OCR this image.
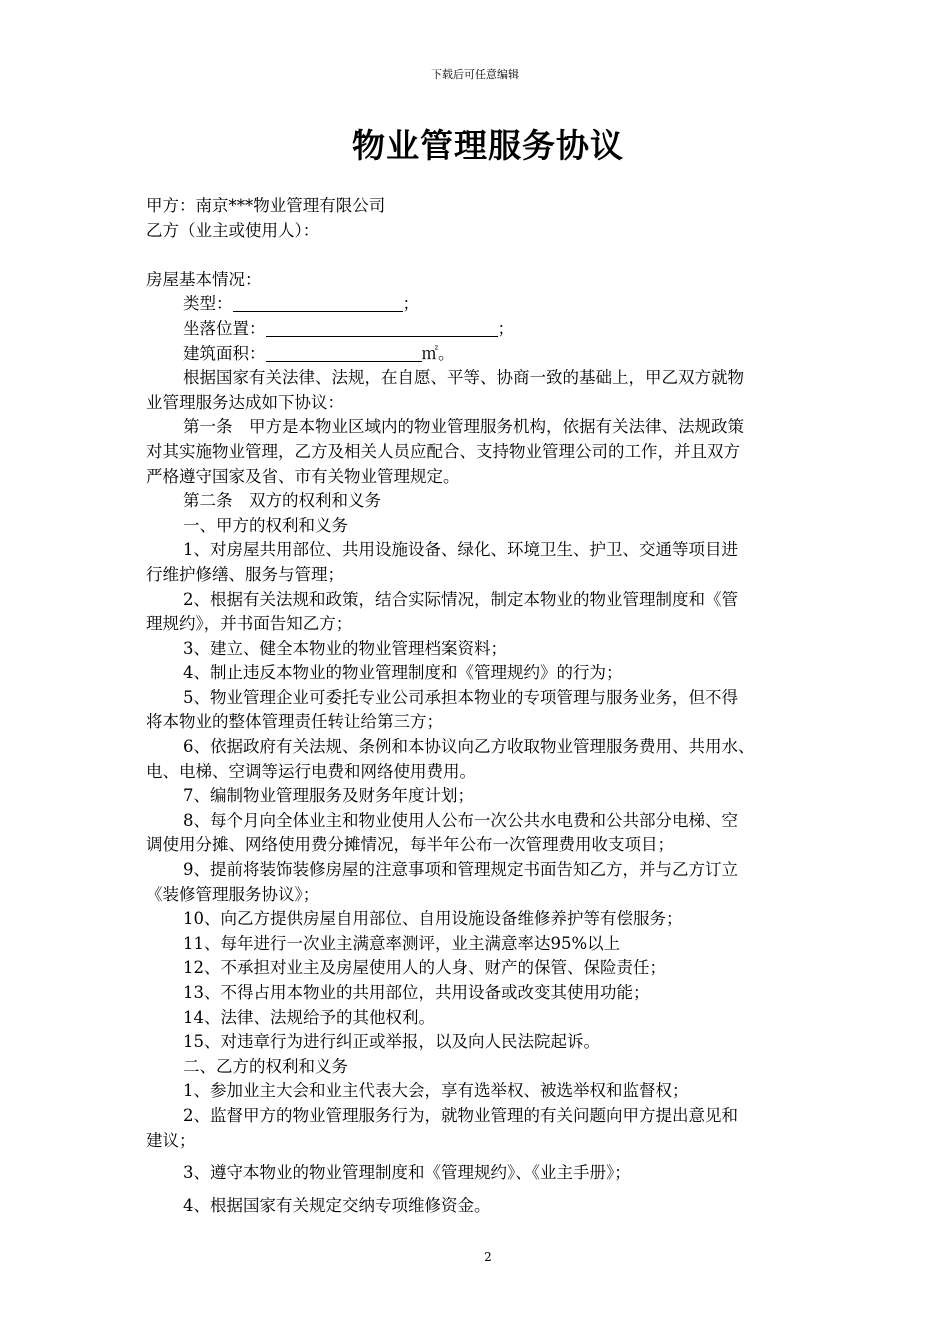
下载后可任意编辑
物业管理服务协议

甲方：南京***物业管理有限公司

乙方（业主或使用人）：

房屋基本情况：

类型：	；

坐落位置：	；

建筑面积：	㎡。

根据国家有关法律、法规，在自愿、平等、协商一致的基础上，甲乙双方就物

业管理服务达成如下协议：

第一条　甲方是本物业区域内的物业管理服务机构，依据有关法律、法规政策

对其实施物业管理，乙方及相关人员应配合、支持物业管理公司的工作，并且双方

严格遵守国家及省、市有关物业管理规定。

第二条　双方的权利和义务

一、甲方的权利和义务

1、对房屋共用部位、共用设施设备、绿化、环境卫生、护卫、交通等项目进

行维护修缮、服务与管理；

2、根据有关法规和政策，结合实际情况，制定本物业的物业管理制度和《管

理规约》，并书面告知乙方；

3、建立、健全本物业的物业管理档案资料；

4、制止违反本物业的物业管理制度和《管理规约》的行为；

5、物业管理企业可委托专业公司承担本物业的专项管理与服务业务，但不得

将本物业的整体管理责任转让给第三方；

6、依据政府有关法规、条例和本协议向乙方收取物业管理服务费用、共用水、

电、电梯、空调等运行电费和网络使用费用。

7、编制物业管理服务及财务年度计划；

8、每个月向全体业主和物业使用人公布一次公共水电费和公共部分电梯、空

调使用分摊、网络使用费分摊情况，每半年公布一次管理费用收支项目；

9、提前将装饰装修房屋的注意事项和管理规定书面告知乙方，并与乙方订立

《装修管理服务协议》；

10、向乙方提供房屋自用部位、自用设施设备维修养护等有偿服务；

11、每年进行一次业主满意率测评，业主满意率达95%以上

12、不承担对业主及房屋使用人的人身、财产的保管、保险责任；

13、不得占用本物业的共用部位，共用设备或改变其使用功能；

14、法律、法规给予的其他权利。

15、对违章行为进行纠正或举报，以及向人民法院起诉。

二、乙方的权利和义务

1、参加业主大会和业主代表大会，享有选举权、被选举权和监督权；

2、监督甲方的物业管理服务行为，就物业管理的有关问题向甲方提出意见和

建议；

3、遵守本物业的物业管理制度和《管理规约》、《业主手册》；

4、根据国家有关规定交纳专项维修资金。

2
